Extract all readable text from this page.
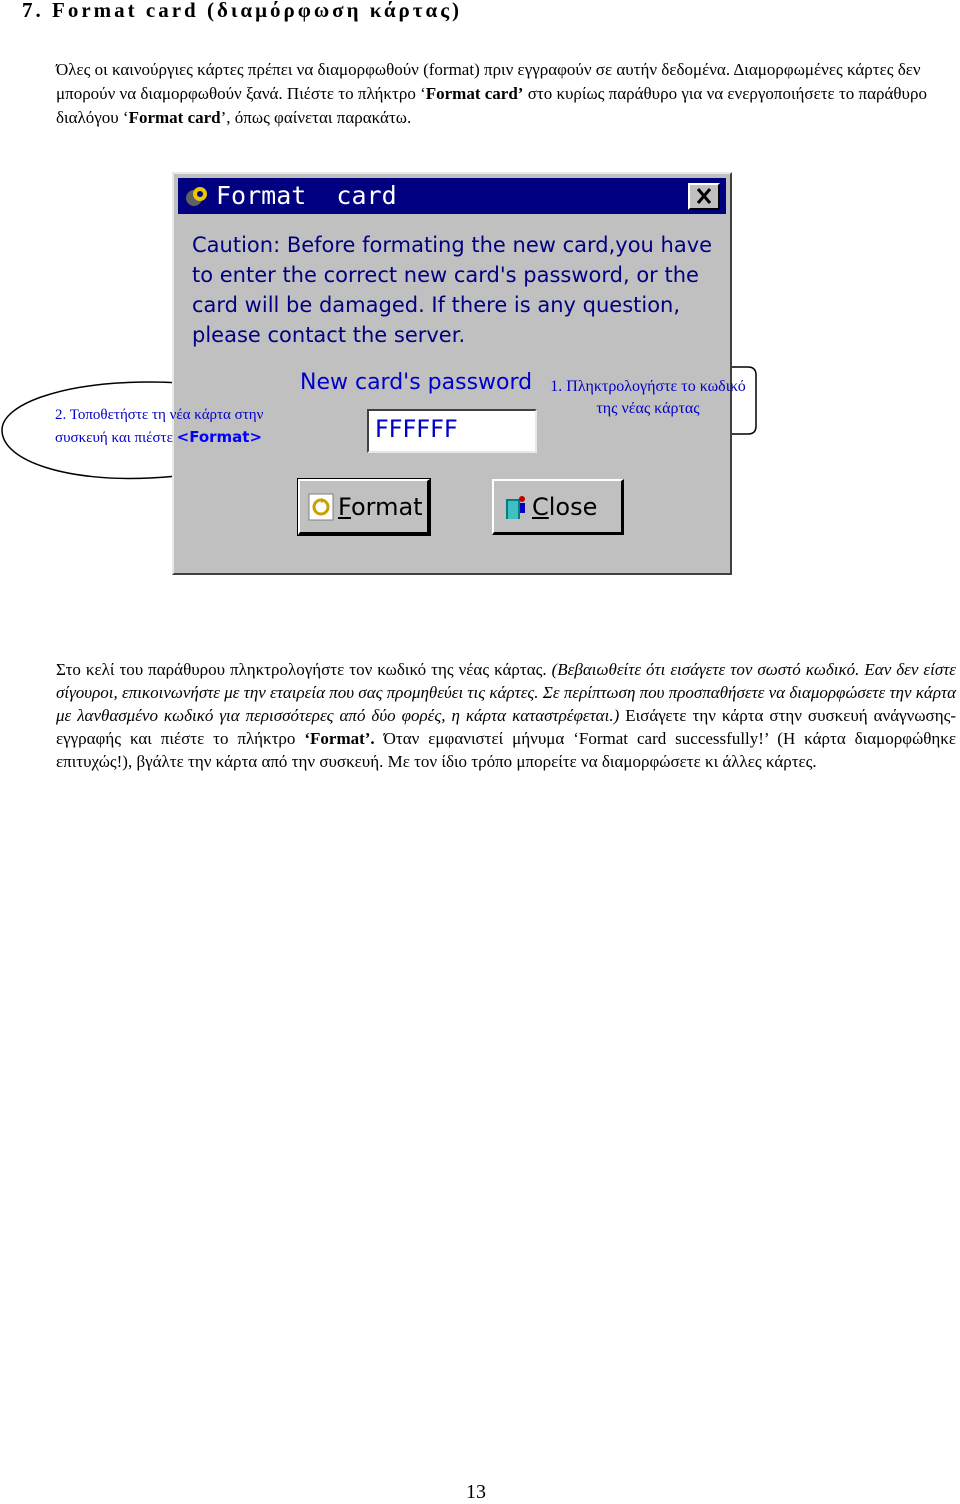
7. Format card (διαμόρφωση κάρτας)

Όλες οι καινούργιες κάρτες πρέπει να διαμορφωθούν (format) πριν εγγραφούν σε αυτήν δεδομένα. Διαμορφωμένες κάρτες δεν μπορούν να διαμορφωθούν ξανά. Πιέστε το πλήκτρο ‘Format card’ στο κυρίως παράθυρο για να ενεργοποιήσετε το παράθυρο διαλόγου ‘Format card’, όπως φαίνεται παρακάτω.

Format  card

Caution: Before formating the new card,you have to enter the correct new card's password, or the card will be damaged. If there is any question, please contact the server.

New card's password
FFFFFF
Format	Close
2. Τοποθετήστε τη νέα κάρτα στην συσκευή και πιέστε <Format>
1. Πληκτρολογήστε το κωδικό της νέας κάρτας

Στο κελί του παράθυρου πληκτρολογήστε τον κωδικό της νέας κάρτας. (Βεβαιωθείτε ότι εισάγετε τον σωστό κωδικό. Εαν δεν είστε σίγουροι, επικοινωνήστε με την εταιρεία που σας προμηθεύει τις κάρτες. Σε περίπτωση που προσπαθήσετε να διαμορφώσετε την κάρτα με λανθασμένο κωδικό για περισσότερες από δύο φορές, η κάρτα καταστρέφεται.) Εισάγετε την κάρτα στην συσκευή ανάγνωσης-εγγραφής και πιέστε το πλήκτρο ‘Format’. Όταν εμφανιστεί μήνυμα ‘Format card successfully!’ (Η κάρτα διαμορφώθηκε επιτυχώς!), βγάλτε την κάρτα από την συσκευή. Με τον ίδιο τρόπο μπορείτε να διαμορφώσετε κι άλλες κάρτες.

13
